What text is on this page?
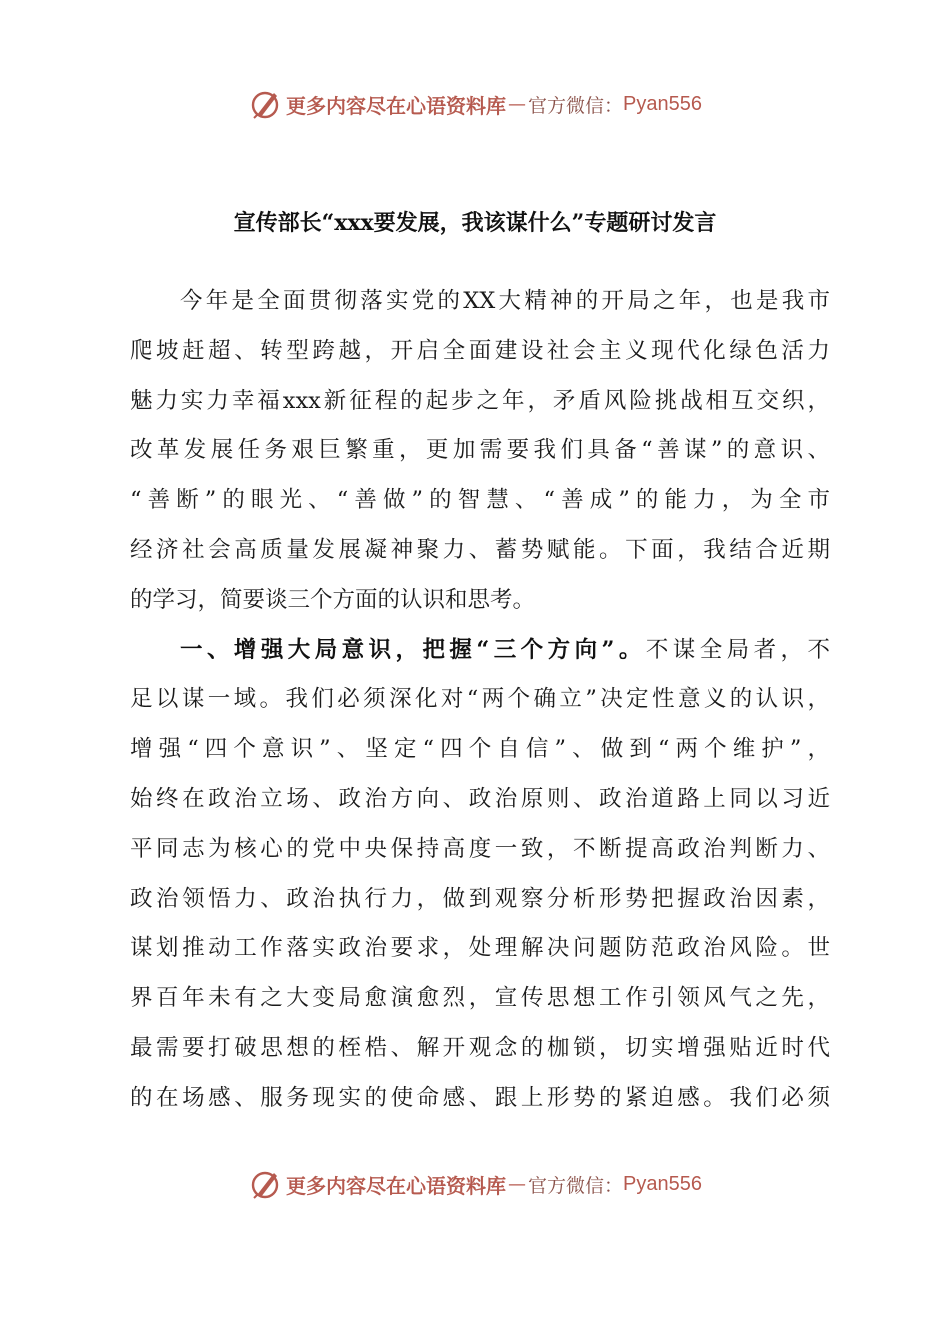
更多内容尽在心语资料库 — 官方微信： Pyan556
宣传部长“xxx要发展，我该谋什么”专题研讨发言
今年是全面贯彻落实党的XX大精神的开局之年，也是我市
爬坡赶超、转型跨越，开启全面建设社会主义现代化绿色活力
魅力实力幸福xxx新征程的起步之年，矛盾风险挑战相互交织，
改革发展任务艰巨繁重，更加需要我们具备“善谋”的意识、
“善断”的眼光、“善做”的智慧、“善成”的能力，为全市
经济社会高质量发展凝神聚力、蓄势赋能。下面，我结合近期
的学习，简要谈三个方面的认识和思考。
一、增强大局意识，把握“三个方向”。不谋全局者，不
足以谋一域。我们必须深化对“两个确立”决定性意义的认识，
增强“四个意识”、坚定“四个自信”、做到“两个维护”，
始终在政治立场、政治方向、政治原则、政治道路上同以习近
平同志为核心的党中央保持高度一致，不断提高政治判断力、
政治领悟力、政治执行力，做到观察分析形势把握政治因素，
谋划推动工作落实政治要求，处理解决问题防范政治风险。世
界百年未有之大变局愈演愈烈，宣传思想工作引领风气之先，
最需要打破思想的桎梏、解开观念的枷锁，切实增强贴近时代
的在场感、服务现实的使命感、跟上形势的紧迫感。我们必须
更多内容尽在心语资料库 — 官方微信： Pyan556
